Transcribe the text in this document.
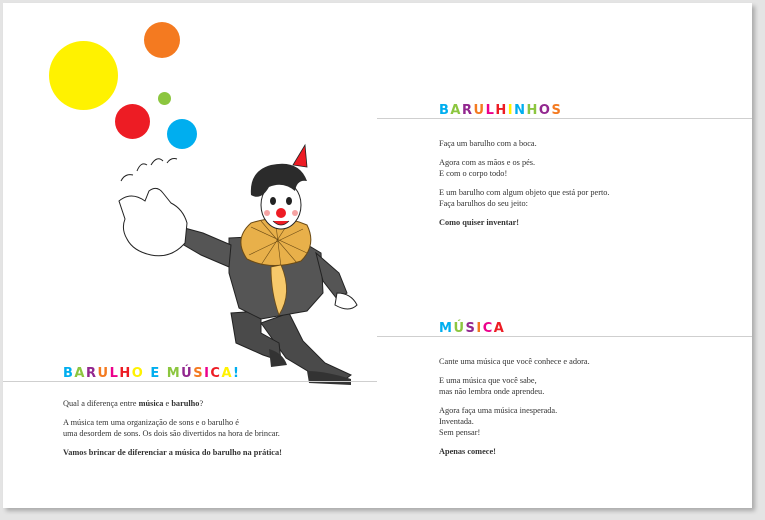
BARULHO E MÚSICA!

Qual a diferença entre música e barulho?

A música tem uma organização de sons e o barulho é

uma desordem de sons. Os dois são divertidos na hora de brincar.

Vamos brincar de diferenciar a música do barulho na prática!

BARULHINHOS

Faça um barulho com a boca.

Agora com as mãos e os pés.

E com o corpo todo!

E um barulho com algum objeto que está por perto.

Faça barulhos do seu jeito:

Como quiser inventar!

MÚSICA

Cante uma música que você conhece e adora.

E uma música que você sabe,

mas não lembra onde aprendeu.

Agora faça uma música inesperada.

Inventada.

Sem pensar!

Apenas comece!
